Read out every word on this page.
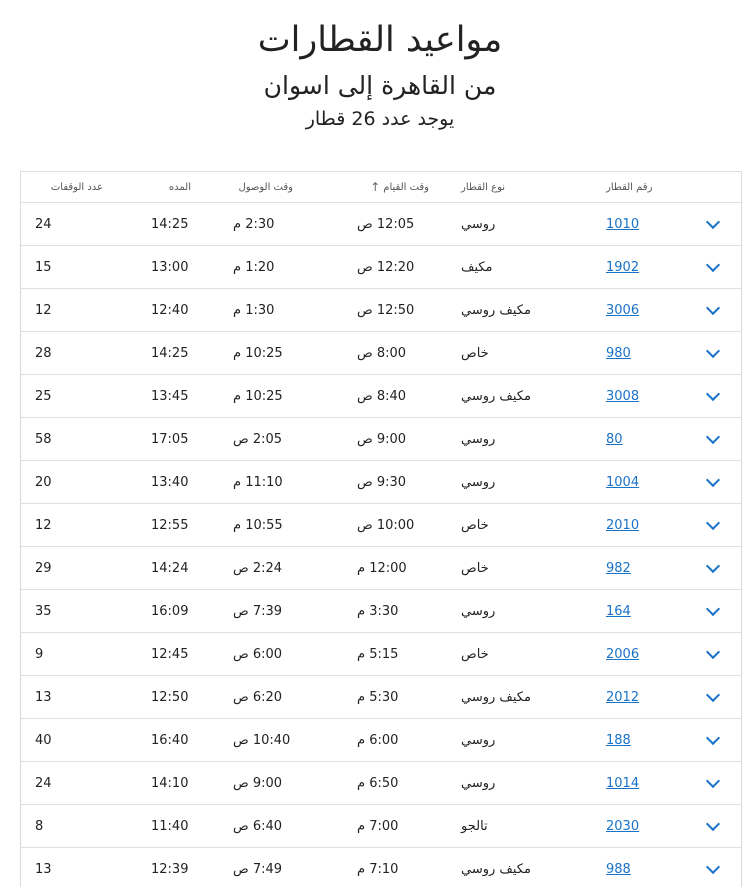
مواعيد القطارات
من القاهرة إلى اسوان
يوجد عدد 26 قطار
رقم القطار
نوع القطار
وقت القيام
↑
وقت الوصول
المده
عدد الوقفات
1010
روسي
12:05 ص
2:30 م
14:25
24
1902
مكيف
12:20 ص
1:20 م
13:00
15
3006
مكيف روسي
12:50 ص
1:30 م
12:40
12
980
خاص
8:00 ص
10:25 م
14:25
28
3008
مكيف روسي
8:40 ص
10:25 م
13:45
25
80
روسي
9:00 ص
2:05 ص
17:05
58
1004
روسي
9:30 ص
11:10 م
13:40
20
2010
خاص
10:00 ص
10:55 م
12:55
12
982
خاص
12:00 م
2:24 ص
14:24
29
164
روسي
3:30 م
7:39 ص
16:09
35
2006
خاص
5:15 م
6:00 ص
12:45
9
2012
مكيف روسي
5:30 م
6:20 ص
12:50
13
188
روسي
6:00 م
10:40 ص
16:40
40
1014
روسي
6:50 م
9:00 ص
14:10
24
2030
تالجو
7:00 م
6:40 ص
11:40
8
988
مكيف روسي
7:10 م
7:49 ص
12:39
13
